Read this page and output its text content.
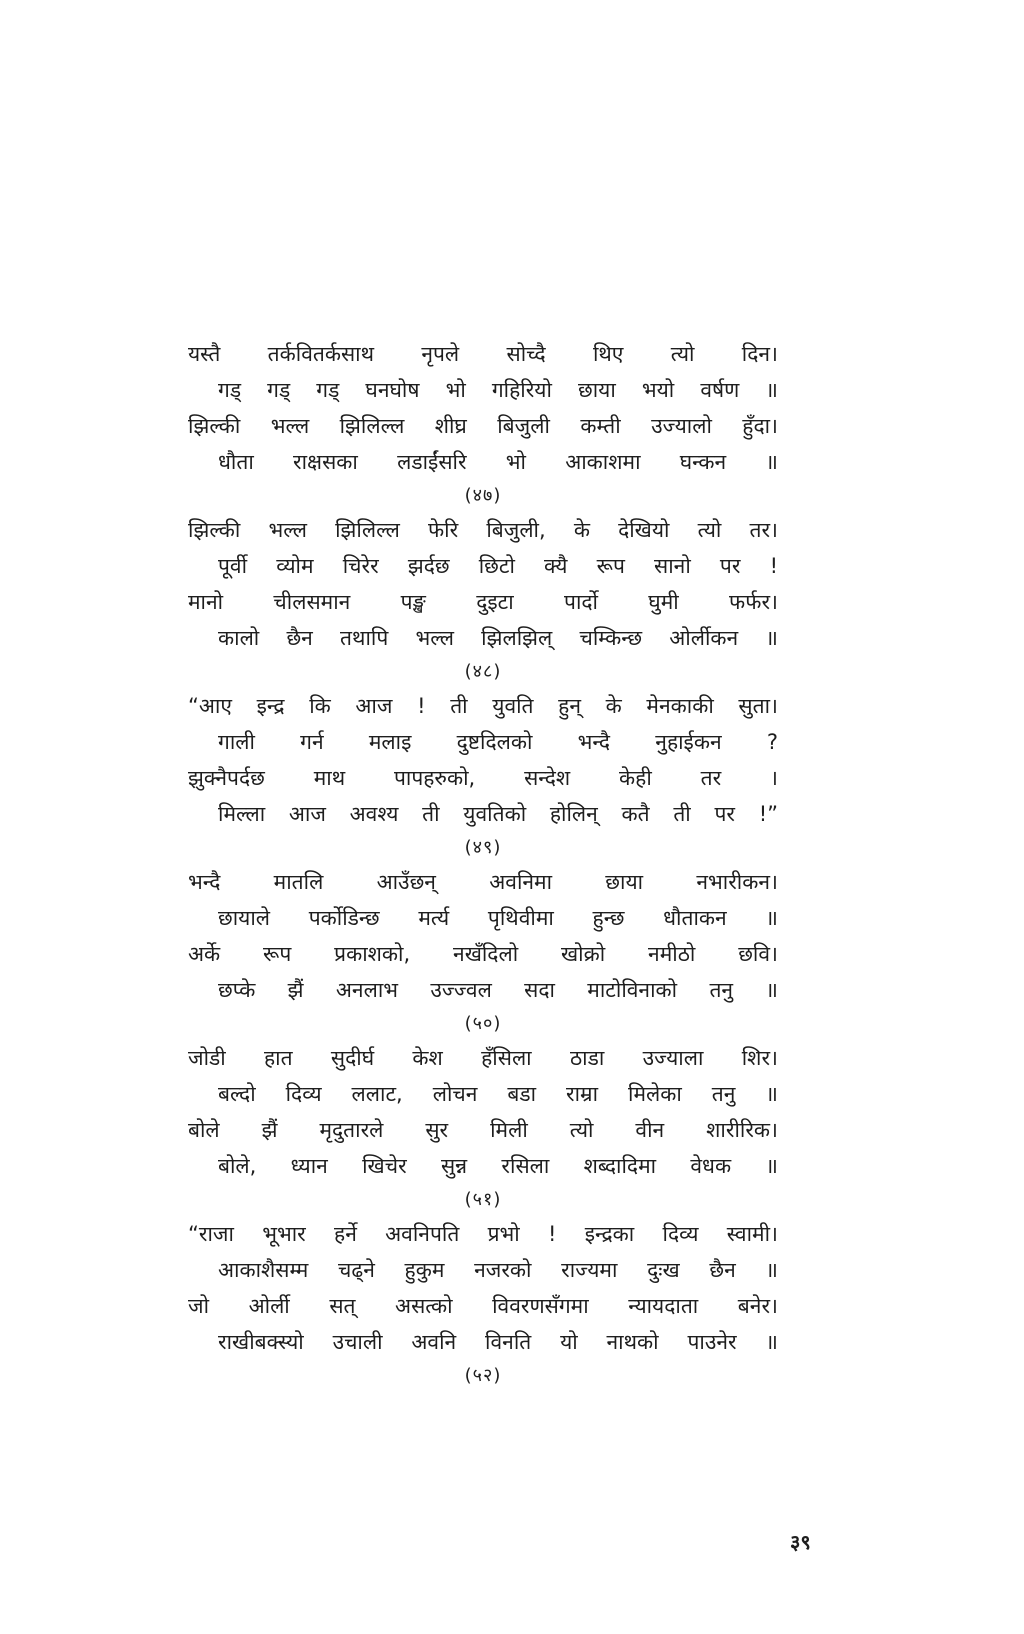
यस्तै तर्कवितर्कसाथ नृपले सोच्दै थिए त्यो दिन।
गड् गड् गड् घनघोष भो गहिरियो छाया भयो वर्षण ॥
झिल्की भल्ल झिलिल्ल शीघ्र बिजुली कम्ती उज्यालो हुँदा।
धौता राक्षसका लडाईंसरि भो आकाशमा घन्कन ॥
(४७)
झिल्की भल्ल झिलिल्ल फेरि बिजुली, के देखियो त्यो तर।
पूर्वी व्योम चिरेर झर्दछ छिटो क्यै रूप सानो पर !
मानो चीलसमान पङ्ख दुइटा पार्दो घुमी फर्फर।
कालो छैन तथापि भल्ल झिलझिल् चम्किन्छ ओर्लीकन ॥
(४८)
“आए इन्द्र कि आज ! ती युवति हुन् के मेनकाकी सुता।
गाली गर्न मलाइ दुष्टदिलको भन्दै नुहाईकन ?
झुक्नैपर्दछ माथ पापहरुको, सन्देश केही तर ।
मिल्ला आज अवश्य ती युवतिको होलिन् कतै ती पर !”
(४९)
भन्दै मातलि आउँछन् अवनिमा छाया नभारीकन।
छायाले पर्कोडिन्छ मर्त्य पृथिवीमा हुन्छ धौताकन ॥
अर्के रूप प्रकाशको, नखँदिलो खोक्रो नमीठो छवि।
छप्के झैं अनलाभ उज्ज्वल सदा माटोविनाको तनु ॥
(५०)
जोडी हात सुदीर्घ केश हँसिला ठाडा उज्याला शिर।
बल्दो दिव्य ललाट, लोचन बडा राम्रा मिलेका तनु ॥
बोले झैं मृदुतारले सुर मिली त्यो वीन शारीरिक।
बोले, ध्यान खिचेर सुन्न रसिला शब्दादिमा वेधक ॥
(५१)
“राजा भूभार हर्ने अवनिपति प्रभो ! इन्द्रका दिव्य स्वामी।
आकाशैसम्म चढ्ने हुकुम नजरको राज्यमा दुःख छैन ॥
जो ओर्ली सत् असत्को विवरणसँगमा न्यायदाता बनेर।
राखीबक्स्यो उचाली अवनि विनति यो नाथको पाउनेर ॥
(५२)
३९
